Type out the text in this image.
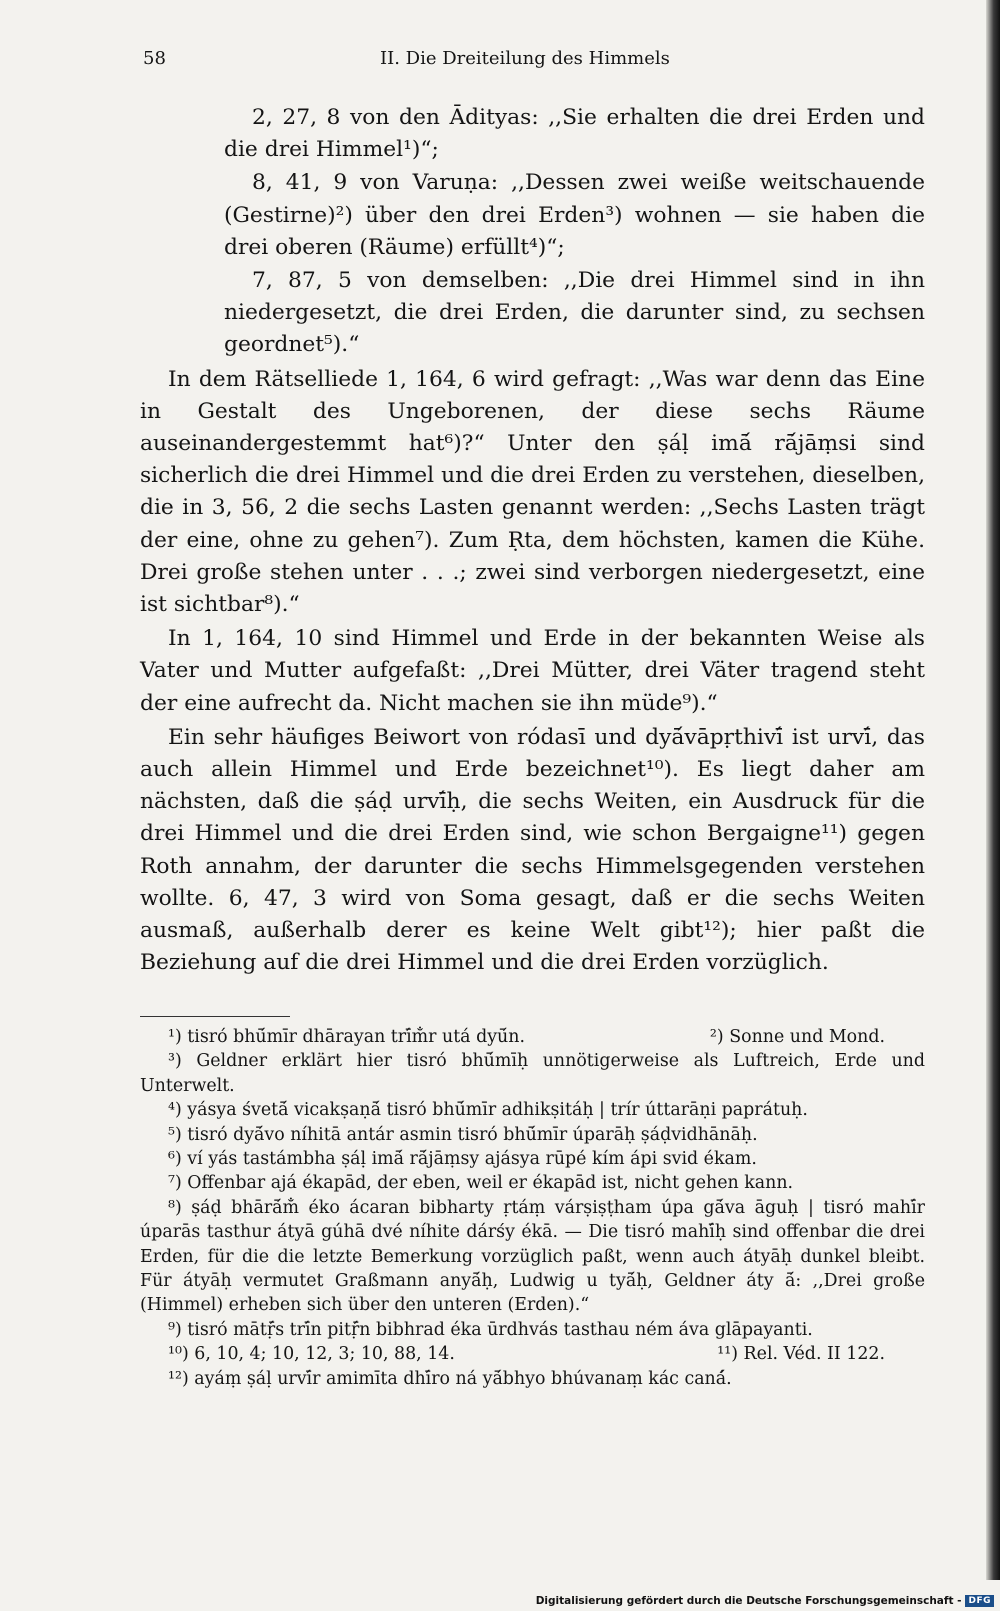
58	II. Die Dreiteilung des Himmels

2, 27, 8 von den Ādityas: ,,Sie erhalten die drei Erden und die drei Himmel¹)“;

8, 41, 9 von Varuṇa: ,,Dessen zwei weiße weitschauende (Gestirne)²) über den drei Erden³) wohnen — sie haben die drei oberen (Räume) erfüllt⁴)“;

7, 87, 5 von demselben: ,,Die drei Himmel sind in ihn niedergesetzt, die drei Erden, die darunter sind, zu sechsen geordnet⁵).“

In dem Rätselliede 1, 164, 6 wird gefragt: ,,Was war denn das Eine in Gestalt des Ungeborenen, der diese sechs Räume auseinandergestemmt hat⁶)?“ Unter den ṣáḷ imā́ rā́jāṃsi sind sicherlich die drei Himmel und die drei Erden zu verstehen, dieselben, die in 3, 56, 2 die sechs Lasten genannt werden: ,,Sechs Lasten trägt der eine, ohne zu gehen⁷). Zum Ṛta, dem höchsten, kamen die Kühe. Drei große stehen unter . . .; zwei sind verborgen niedergesetzt, eine ist sichtbar⁸).“

In 1, 164, 10 sind Himmel und Erde in der bekannten Weise als Vater und Mutter aufgefaßt: ,,Drei Mütter, drei Väter tragend steht der eine aufrecht da. Nicht machen sie ihn müde⁹).“

Ein sehr häufiges Beiwort von ródasī und dyā́vāpṛthivī́ ist urvī́, das auch allein Himmel und Erde bezeichnet¹⁰). Es liegt daher am nächsten, daß die ṣáḍ urvī́ḥ, die sechs Weiten, ein Ausdruck für die drei Himmel und die drei Erden sind, wie schon Bergaigne¹¹) gegen Roth annahm, der darunter die sechs Himmelsgegenden verstehen wollte. 6, 47, 3 wird von Soma gesagt, daß er die sechs Weiten ausmaß, außerhalb derer es keine Welt gibt¹²); hier paßt die Beziehung auf die drei Himmel und die drei Erden vorzüglich.

¹) tisró bhū́mīr dhārayan trī́m̐r utá dyū́n.	²) Sonne und Mond.

³) Geldner erklärt hier tisró bhū́mīḥ unnötigerweise als Luftreich, Erde und Unterwelt.

⁴) yásya śvetā́ vicakṣaṇā́ tisró bhū́mīr adhikṣitáḥ | trír úttarāṇi paprátuḥ.

⁵) tisró dyā́vo níhitā antár asmin tisró bhū́mīr úparāḥ ṣáḍvidhānāḥ.

⁶) ví yás tastámbha ṣáḷ imā́ rā́jāṃsy ajásya rūpé kím ápi svid ékam.

⁷) Offenbar ajá ékapād, der eben, weil er ékapād ist, nicht gehen kann.

⁸) ṣáḍ bhārā́m̐ éko ácaran bibharty ṛtáṃ várṣiṣṭham úpa gā́va āguḥ | tisró mahī́r úparās tasthur átyā gúhā dvé níhite dárśy ékā. — Die tisró mahī́ḥ sind offenbar die drei Erden, für die die letzte Bemerkung vorzüglich paßt, wenn auch átyāḥ dunkel bleibt. Für átyāḥ vermutet Graßmann anyā́ḥ, Ludwig u tyā́ḥ, Geldner áty ā́: ,,Drei große (Himmel) erheben sich über den unteren (Erden).“

⁹) tisró mātṝ́s trī́n pitṝ́n bibhrad éka ūrdhvás tasthau ném áva glāpayanti.

¹⁰) 6, 10, 4; 10, 12, 3; 10, 88, 14.	¹¹) Rel. Véd. II 122.

¹²) ayáṃ ṣáḷ urvī́r amimīta dhī́ro ná yā́bhyo bhúvanaṃ kác caná́.

Digitalisierung gefördert durch die Deutsche Forschungsgemeinschaft - DFG
